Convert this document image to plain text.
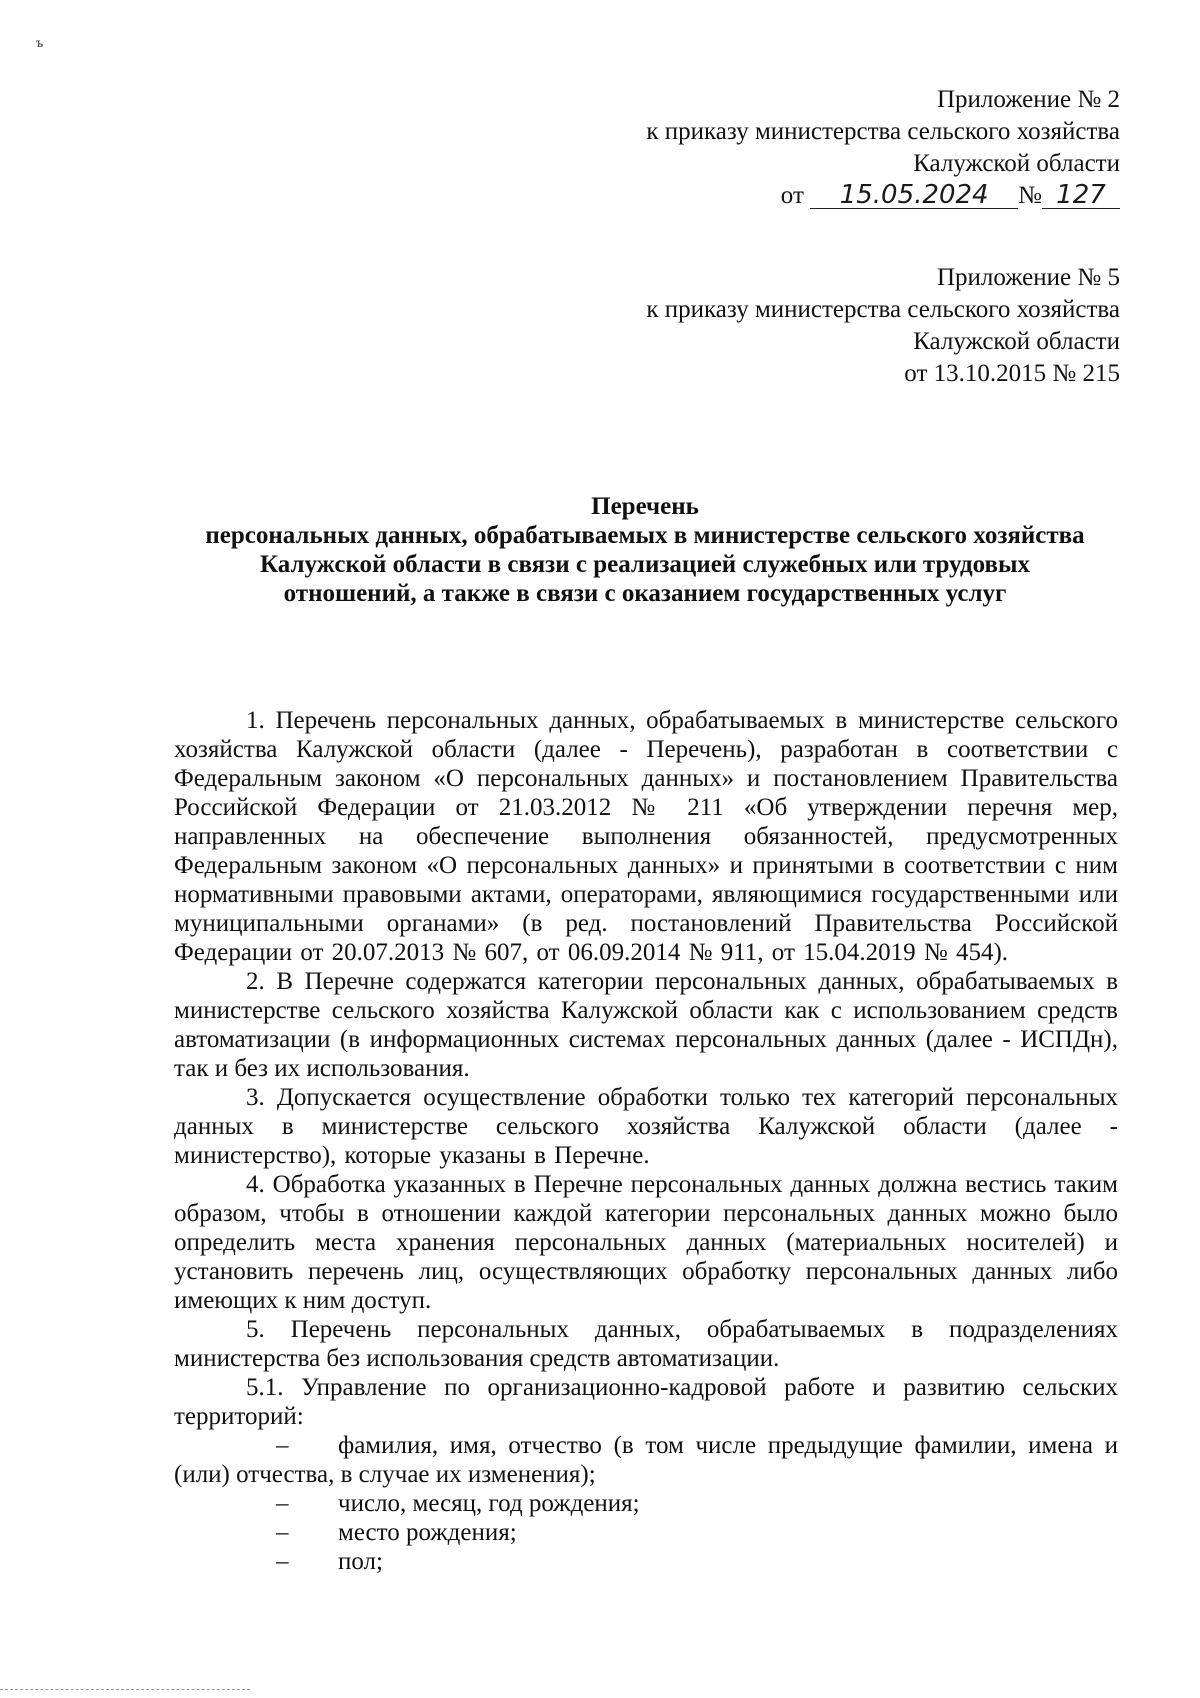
ъ
Приложение № 2
к приказу министерства сельского хозяйства
Калужской области
от 15.05.2024 № 127
Приложение № 5
к приказу министерства сельского хозяйства
Калужской области
от 13.10.2015 № 215
Перечень
персональных данных, обрабатываемых в министерстве сельского хозяйства
Калужской области в связи с реализацией служебных или трудовых
отношений, а также в связи с оказанием государственных услуг

1. Перечень персональных данных, обрабатываемых в министерстве сельского хозяйства Калужской области (далее - Перечень), разработан в соответствии с Федеральным законом «О персональных данных» и постановлением Правительства Российской Федерации от 21.03.2012 № 211 «Об утверждении перечня мер, направленных на обеспечение выполнения обязанностей, предусмотренных Федеральным законом «О персональных данных» и принятыми в соответствии с ним нормативными правовыми актами, операторами, являющимися государственными или муниципальными органами» (в ред. постановлений Правительства Российской Федерации от 20.07.2013 № 607, от 06.09.2014 № 911, от 15.04.2019 № 454).

2. В Перечне содержатся категории персональных данных, обрабатываемых в министерстве сельского хозяйства Калужской области как с использованием средств автоматизации (в информационных системах персональных данных (далее - ИСПДн), так и без их использования.

3. Допускается осуществление обработки только тех категорий персональных данных в министерстве сельского хозяйства Калужской области (далее - министерство), которые указаны в Перечне.

4. Обработка указанных в Перечне персональных данных должна вестись таким образом, чтобы в отношении каждой категории персональных данных можно было определить места хранения персональных данных (материальных носителей) и установить перечень лиц, осуществляющих обработку персональных данных либо имеющих к ним доступ.

5. Перечень персональных данных, обрабатываемых в подразделениях министерства без использования средств автоматизации.

5.1. Управление по организационно-кадровой работе и развитию сельских территорий:

– фамилия, имя, отчество (в том числе предыдущие фамилии, имена и (или) отчества, в случае их изменения);
– число, месяц, год рождения;
– место рождения;
– пол;
